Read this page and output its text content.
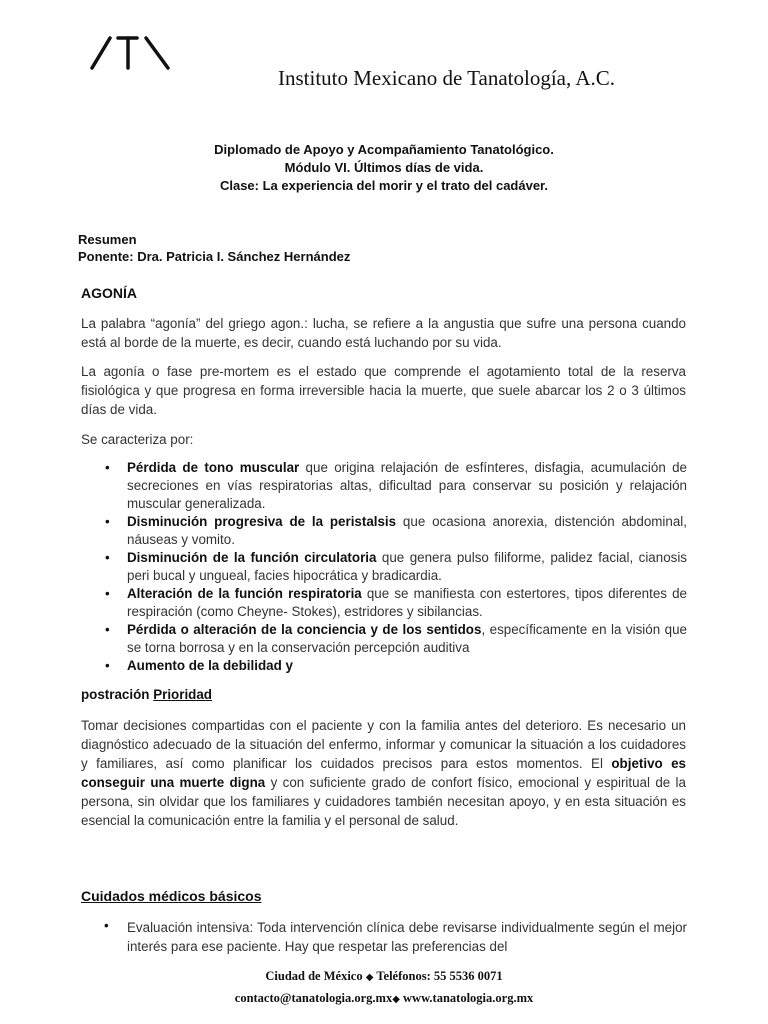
Instituto Mexicano de Tanatología, A.C.
Diplomado de Apoyo y Acompañamiento Tanatológico.
Módulo VI. Últimos días de vida.
Clase: La experiencia del morir y el trato del cadáver.
Resumen
Ponente: Dra. Patricia I. Sánchez Hernández
AGONÍA
La palabra “agonía” del griego agon.: lucha, se refiere a la angustia que sufre una persona cuando está al borde de la muerte, es decir, cuando está luchando por su vida.
La agonía o fase pre-mortem es el estado que comprende el agotamiento total de la reserva fisiológica y que progresa en forma irreversible hacia la muerte, que suele abarcar los 2 o 3 últimos días de vida.
Se caracteriza por:
• Pérdida de tono muscular que origina relajación de esfínteres, disfagia, acumulación de secreciones en vías respiratorias altas, dificultad para conservar su posición y relajación muscular generalizada.
• Disminución progresiva de la peristalsis que ocasiona anorexia, distención abdominal, náuseas y vomito.
• Disminución de la función circulatoria que genera pulso filiforme, palidez facial, cianosis peri bucal y ungueal, facies hipocrática y bradicardia.
• Alteración de la función respiratoria que se manifiesta con estertores, tipos diferentes de respiración (como Cheyne- Stokes), estridores y sibilancias.
• Pérdida o alteración de la conciencia y de los sentidos, específicamente en la visión que se torna borrosa y en la conservación percepción auditiva
• Aumento de la debilidad y
postración Prioridad
Tomar decisiones compartidas con el paciente y con la familia antes del deterioro. Es necesario un diagnóstico adecuado de la situación del enfermo, informar y comunicar la situación a los cuidadores y familiares, así como planificar los cuidados precisos para estos momentos. El objetivo es conseguir una muerte digna y con suficiente grado de confort físico, emocional y espiritual de la persona, sin olvidar que los familiares y cuidadores también necesitan apoyo, y en esta situación es esencial la comunicación entre la familia y el personal de salud.
Cuidados médicos básicos
• Evaluación intensiva: Toda intervención clínica debe revisarse individualmente según el mejor interés para ese paciente. Hay que respetar las preferencias del
Ciudad de México ◆ Teléfonos: 55 5536 0071
contacto@tanatologia.org.mx◆ www.tanatologia.org.mx
